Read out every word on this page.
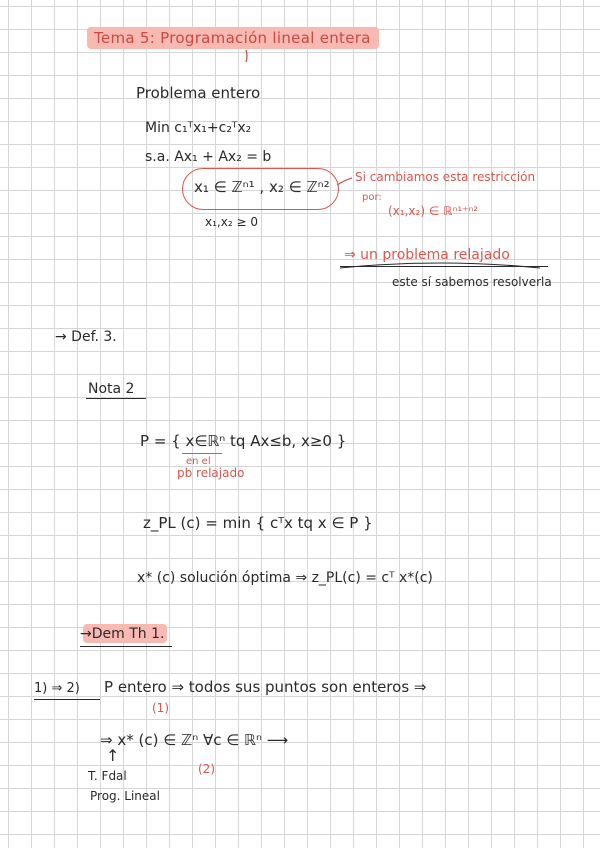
Tema 5: Programación lineal entera
Problema entero
Min c₁ᵀx₁+c₂ᵀx₂
s.a. Ax₁ + Ax₂ = b
x₁ ∈ ℤⁿ¹ , x₂ ∈ ℤⁿ²
x₁,x₂ ≥ 0
Si cambiamos esta restricción
por:
(x₁,x₂) ∈ ℝⁿ¹⁺ⁿ²
⇒ un problema relajado
este sí sabemos resolverla
→ Def. 3.
Nota 2
P = { x∈ℝⁿ tq Ax≤b, x≥0 }
en el
pb relajado
z_PL (c) = min { cᵀx tq x ∈ P }
x* (c) solución óptima ⇒ z_PL(c) = cᵀ x*(c)
→Dem Th 1.
1) ⇒ 2) P entero ⇒ todos sus puntos son enteros ⇒
(1)
⇒ x* (c) ∈ ℤⁿ ∀c ∈ ℝⁿ ⟶
↑
(2)
T. Fdal
Prog. Lineal
